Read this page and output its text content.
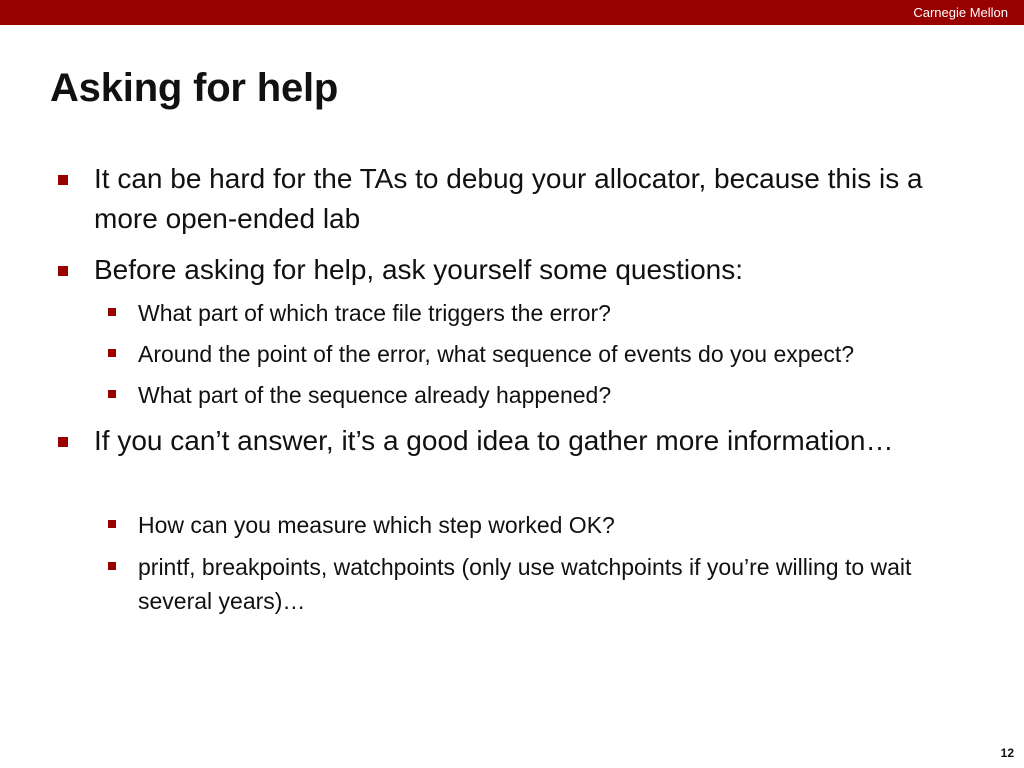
Carnegie Mellon
Asking for help
It can be hard for the TAs to debug your allocator, because this is a more open-ended lab
Before asking for help, ask yourself some questions:
What part of which trace file triggers the error?
Around the point of the error, what sequence of events do you expect?
What part of the sequence already happened?
If you can’t answer, it’s a good idea to gather more information…
How can you measure which step worked OK?
printf, breakpoints, watchpoints (only use watchpoints if you’re willing to wait several years)…
12
